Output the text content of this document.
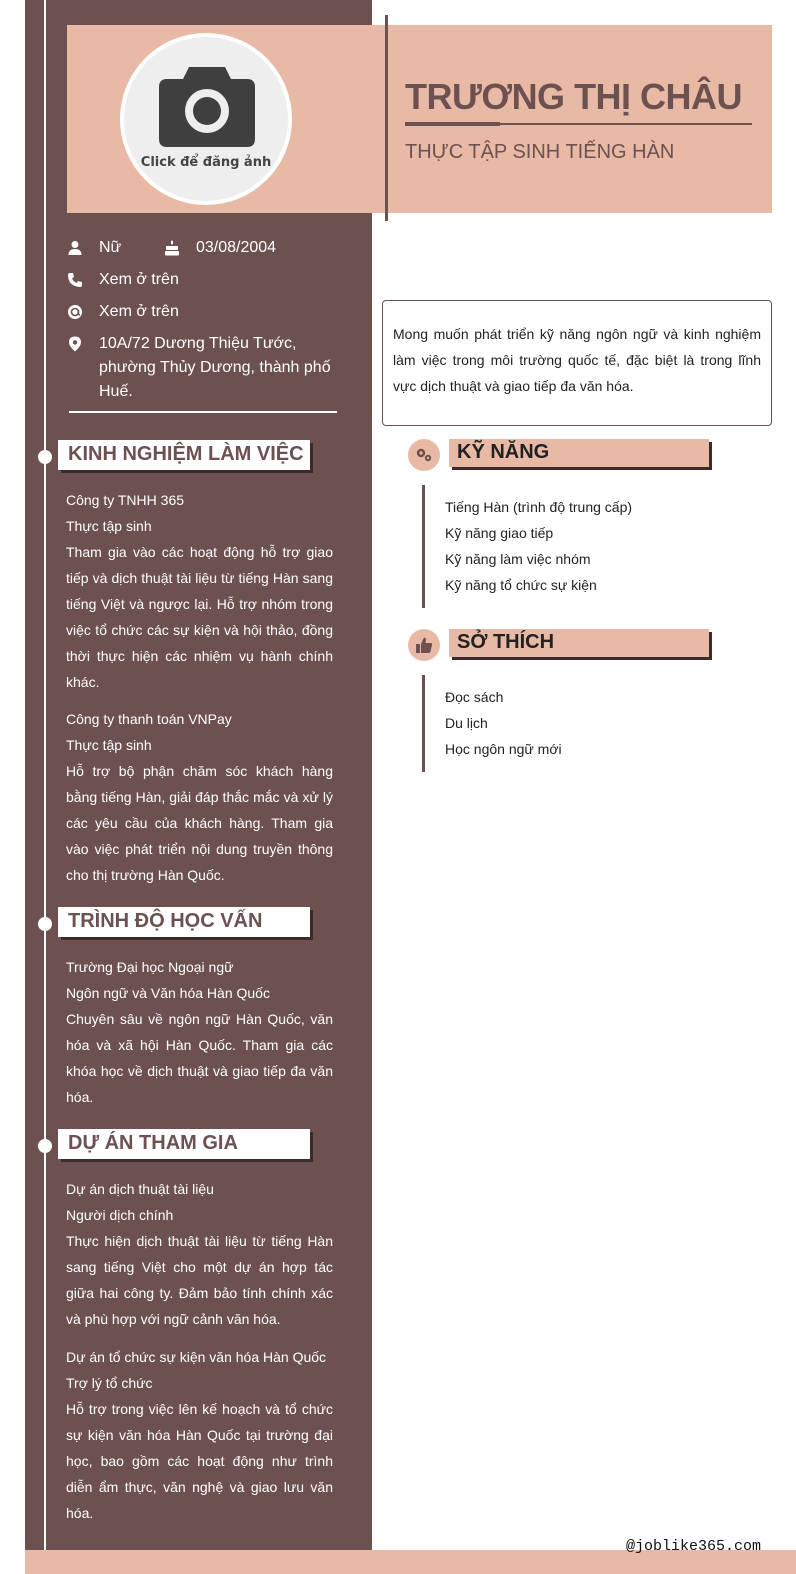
Click để đăng ảnh
TRƯƠNG THỊ CHÂU
THỰC TẬP SINH TIẾNG HÀN
Nữ	03/08/2004
Xem ở trên
Xem ở trên
10A/72 Dương Thiệu Tước, phường Thủy Dương, thành phố Huế.
KINH NGHIỆM LÀM VIỆC

Công ty TNHH 365

Thực tập sinh

Tham gia vào các hoạt động hỗ trợ giao tiếp và dịch thuật tài liệu từ tiếng Hàn sang tiếng Việt và ngược lại. Hỗ trợ nhóm trong việc tổ chức các sự kiện và hội thảo, đồng thời thực hiện các nhiệm vụ hành chính khác.

Công ty thanh toán VNPay

Thực tập sinh

Hỗ trợ bộ phận chăm sóc khách hàng bằng tiếng Hàn, giải đáp thắc mắc và xử lý các yêu cầu của khách hàng. Tham gia vào việc phát triển nội dung truyền thông cho thị trường Hàn Quốc.

TRÌNH ĐỘ HỌC VẤN

Trường Đại học Ngoại ngữ

Ngôn ngữ và Văn hóa Hàn Quốc

Chuyên sâu về ngôn ngữ Hàn Quốc, văn hóa và xã hội Hàn Quốc. Tham gia các khóa học về dịch thuật và giao tiếp đa văn hóa.

DỰ ÁN THAM GIA

Dự án dịch thuật tài liệu

Người dịch chính

Thực hiện dịch thuật tài liệu từ tiếng Hàn sang tiếng Việt cho một dự án hợp tác giữa hai công ty. Đảm bảo tính chính xác và phù hợp với ngữ cảnh văn hóa.

Dự án tổ chức sự kiện văn hóa Hàn Quốc

Trợ lý tổ chức

Hỗ trợ trong việc lên kế hoạch và tổ chức sự kiện văn hóa Hàn Quốc tại trường đại học, bao gồm các hoạt động như trình diễn ẩm thực, văn nghệ và giao lưu văn hóa.

Mong muốn phát triển kỹ năng ngôn ngữ và kinh nghiệm làm việc trong môi trường quốc tế, đặc biệt là trong lĩnh vực dịch thuật và giao tiếp đa văn hóa.

KỸ NĂNG
Tiếng Hàn (trình độ trung cấp)
Kỹ năng giao tiếp
Kỹ năng làm việc nhóm
Kỹ năng tổ chức sự kiện
SỞ THÍCH
Đọc sách
Du lịch
Học ngôn ngữ mới
@joblike365.com
